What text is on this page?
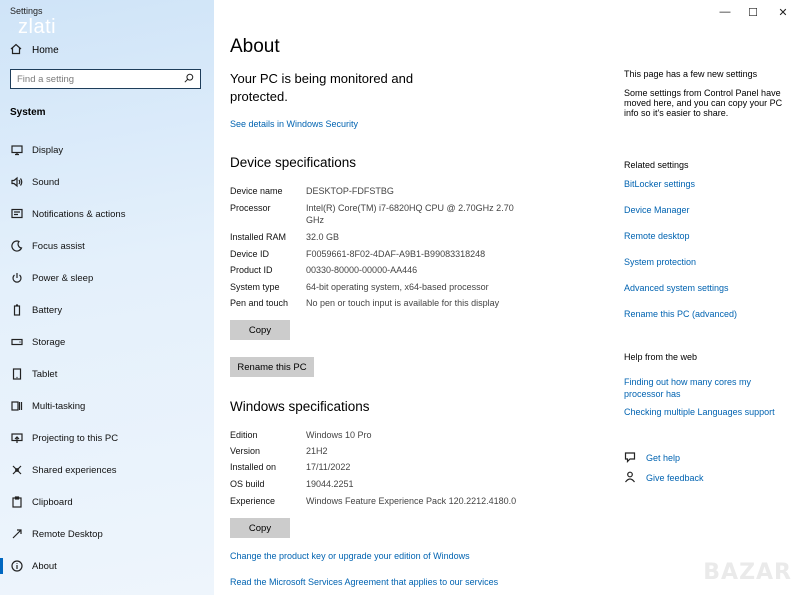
Settings
zlati
Home
Find a setting
System
Display
Sound
Notifications & actions
Focus assist
Power & sleep
Battery
Storage
Tablet
Multi-tasking
Projecting to this PC
Shared experiences
Clipboard
Remote Desktop
About
—	☐	✕
About
Your PC is being monitored and protected.
See details in Windows Security
Device specifications
Device name	DESKTOP-FDFSTBG
Processor	Intel(R) Core(TM) i7-6820HQ CPU @ 2.70GHz 2.70 GHz
Installed RAM	32.0 GB
Device ID	F0059661-8F02-4DAF-A9B1-B99083318248
Product ID	00330-80000-00000-AA446
System type	64-bit operating system, x64-based processor
Pen and touch	No pen or touch input is available for this display
Copy
Rename this PC
Windows specifications
Edition	Windows 10 Pro
Version	21H2
Installed on	17/11/2022
OS build	19044.2251
Experience	Windows Feature Experience Pack 120.2212.4180.0
Copy
Change the product key or upgrade your edition of Windows
Read the Microsoft Services Agreement that applies to our services
This page has a few new settings
Some settings from Control Panel have moved here, and you can copy your PC info so it's easier to share.
Related settings
BitLocker settings
Device Manager
Remote desktop
System protection
Advanced system settings
Rename this PC (advanced)
Help from the web
Finding out how many cores my processor has
Checking multiple Languages support
Get help
Give feedback
BAZAR
